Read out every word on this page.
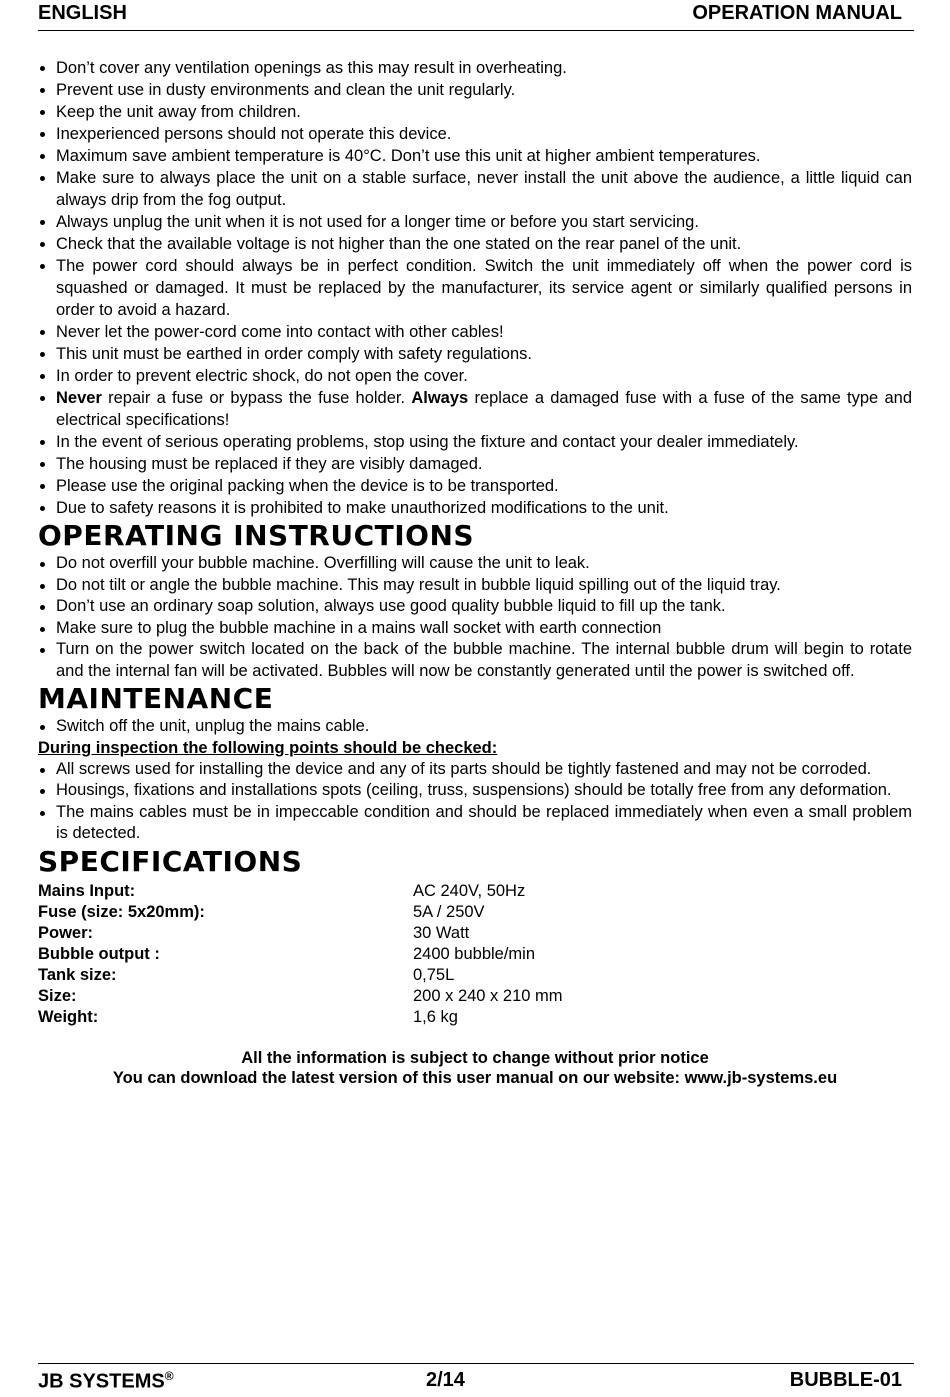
ENGLISH	OPERATION MANUAL
Don’t cover any ventilation openings as this may result in overheating.
Prevent use in dusty environments and clean the unit regularly.
Keep the unit away from children.
Inexperienced persons should not operate this device.
Maximum save ambient temperature is 40°C. Don’t use this unit at higher ambient temperatures.
Make sure to always place the unit on a stable surface, never install the unit above the audience, a little liquid can always drip from the fog output.
Always unplug the unit when it is not used for a longer time or before you start servicing.
Check that the available voltage is not higher than the one stated on the rear panel of the unit.
The power cord should always be in perfect condition. Switch the unit immediately off when the power cord is squashed or damaged. It must be replaced by the manufacturer, its service agent or similarly qualified persons in order to avoid a hazard.
Never let the power-cord come into contact with other cables!
This unit must be earthed in order comply with safety regulations.
In order to prevent electric shock, do not open the cover.
Never repair a fuse or bypass the fuse holder. Always replace a damaged fuse with a fuse of the same type and electrical specifications!
In the event of serious operating problems, stop using the fixture and contact your dealer immediately.
The housing must be replaced if they are visibly damaged.
Please use the original packing when the device is to be transported.
Due to safety reasons it is prohibited to make unauthorized modifications to the unit.
OPERATING INSTRUCTIONS
Do not overfill your bubble machine. Overfilling will cause the unit to leak.
Do not tilt or angle the bubble machine. This may result in bubble liquid spilling out of the liquid tray.
Don’t use an ordinary soap solution, always use good quality bubble liquid to fill up the tank.
Make sure to plug the bubble machine in a mains wall socket with earth connection
Turn on the power switch located on the back of the bubble machine. The internal bubble drum will begin to rotate and the internal fan will be activated. Bubbles will now be constantly generated until the power is switched off.
MAINTENANCE
Switch off the unit, unplug the mains cable.
During inspection the following points should be checked:
All screws used for installing the device and any of its parts should be tightly fastened and may not be corroded.
Housings, fixations and installations spots (ceiling, truss, suspensions) should be totally free from any deformation.
The mains cables must be in impeccable condition and should be replaced immediately when even a small problem is detected.
SPECIFICATIONS
Mains Input:	AC 240V, 50Hz
Fuse (size: 5x20mm):	5A / 250V
Power:	30 Watt
Bubble output :	2400 bubble/min
Tank size:	0,75L
Size:	200 x 240 x 210 mm
Weight:	1,6 kg
All the information is subject to change without prior notice
You can download the latest version of this user manual on our website: www.jb-systems.eu
JB SYSTEMS®	2/14	BUBBLE-01
